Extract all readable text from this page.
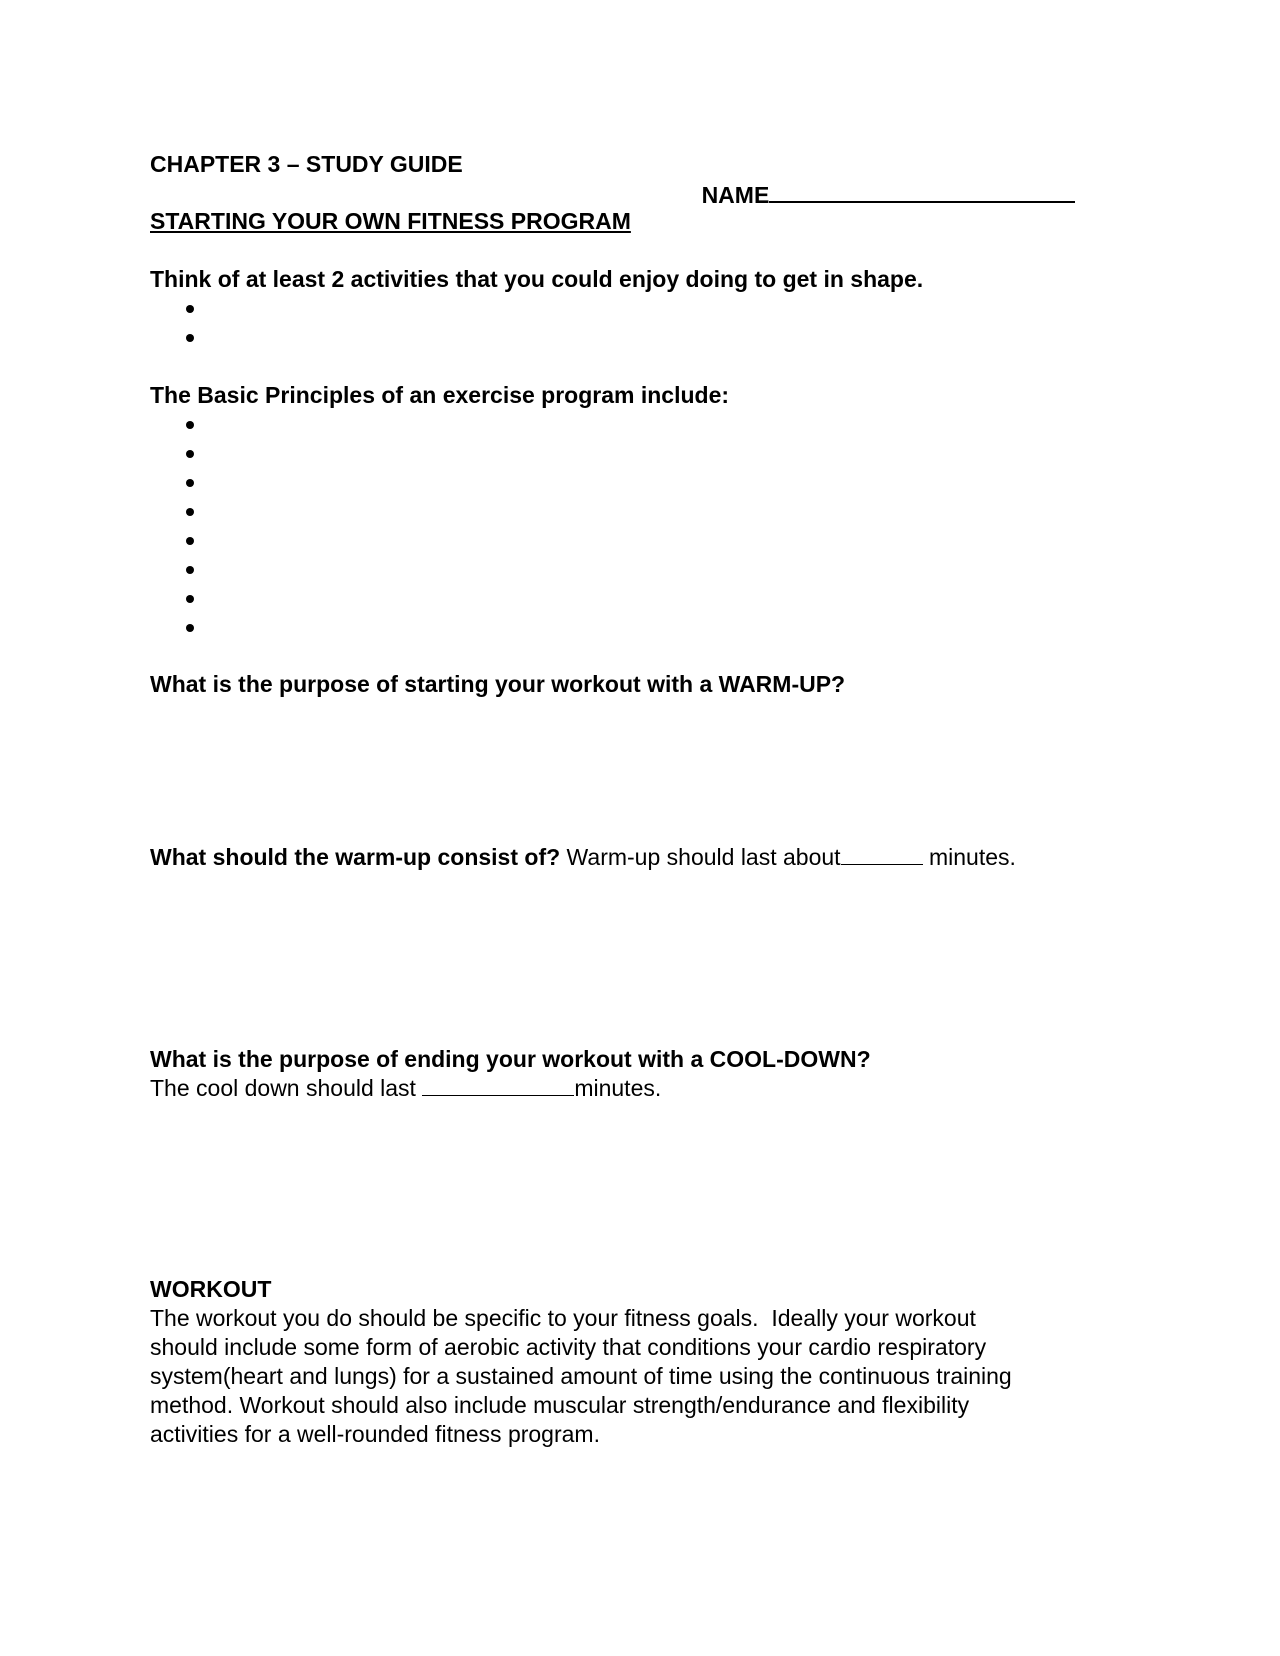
CHAPTER 3 – STUDY GUIDE

NAME

STARTING YOUR OWN FITNESS PROGRAM
Think of at least 2 activities that you could enjoy doing to get in shape.
The Basic Principles of an exercise program include:
What is the purpose of starting your workout with a WARM-UP?
What should the warm-up consist of? Warm-up should last about	minutes.
What is the purpose of ending your workout with a COOL-DOWN?
The cool down should last	minutes.
WORKOUT
The workout you do should be specific to your fitness goals.  Ideally your workout
should include some form of aerobic activity that conditions your cardio respiratory
system(heart and lungs) for a sustained amount of time using the continuous training
method. Workout should also include muscular strength/endurance and flexibility
activities for a well-rounded fitness program.
